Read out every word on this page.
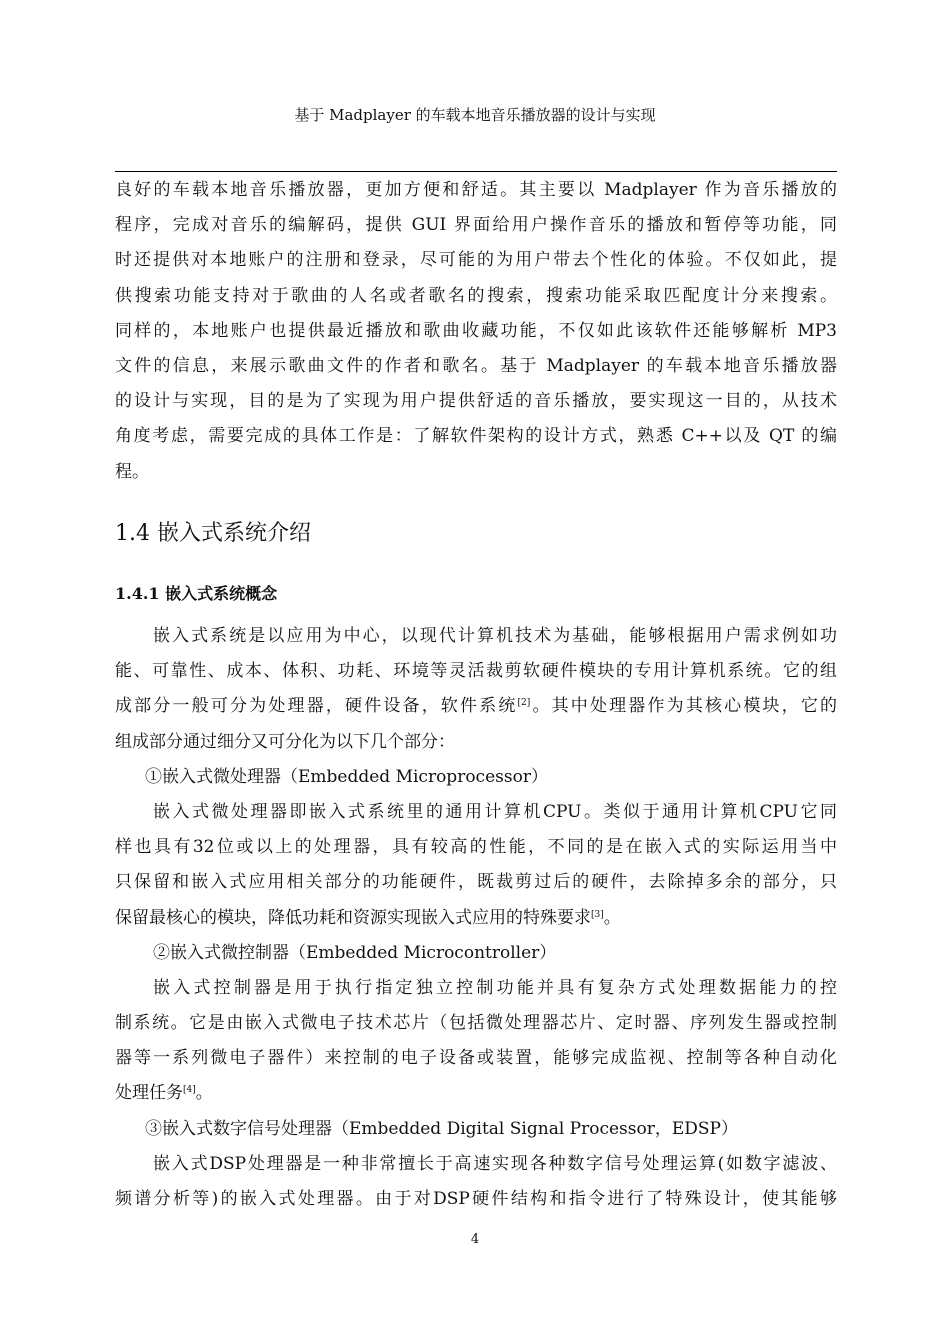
基于 Madplayer 的车载本地音乐播放器的设计与实现
良好的车载本地音乐播放器，更加方便和舒适。其主要以 Madplayer 作为音乐播放的
程序，完成对音乐的编解码，提供 GUI 界面给用户操作音乐的播放和暂停等功能，同
时还提供对本地账户的注册和登录，尽可能的为用户带去个性化的体验。不仅如此，提
供搜索功能支持对于歌曲的人名或者歌名的搜索，搜索功能采取匹配度计分来搜索。
同样的，本地账户也提供最近播放和歌曲收藏功能，不仅如此该软件还能够解析 MP3
文件的信息，来展示歌曲文件的作者和歌名。基于 Madplayer 的车载本地音乐播放器
的设计与实现，目的是为了实现为用户提供舒适的音乐播放，要实现这一目的，从技术
角度考虑，需要完成的具体工作是：了解软件架构的设计方式，熟悉 C++以及 QT 的编
程。
1.4 嵌入式系统介绍
1.4.1 嵌入式系统概念
嵌入式系统是以应用为中心，以现代计算机技术为基础，能够根据用户需求例如功
能、可靠性、成本、体积、功耗、环境等灵活裁剪软硬件模块的专用计算机系统。它的组
成部分一般可分为处理器，硬件设备，软件系统[2]。其中处理器作为其核心模块，它的
组成部分通过细分又可分化为以下几个部分：
①嵌入式微处理器（Embedded Microprocessor）
嵌入式微处理器即嵌入式系统里的通用计算机CPU。类似于通用计算机CPU它同
样也具有32位或以上的处理器，具有较高的性能，不同的是在嵌入式的实际运用当中
只保留和嵌入式应用相关部分的功能硬件，既裁剪过后的硬件，去除掉多余的部分，只
保留最核心的模块，降低功耗和资源实现嵌入式应用的特殊要求[3]。
②嵌入式微控制器（Embedded Microcontroller）
嵌入式控制器是用于执行指定独立控制功能并具有复杂方式处理数据能力的控
制系统。它是由嵌入式微电子技术芯片（包括微处理器芯片、定时器、序列发生器或控制
器等一系列微电子器件）来控制的电子设备或装置，能够完成监视、控制等各种自动化
处理任务[4]。
③嵌入式数字信号处理器（Embedded Digital Signal Processor，EDSP）
嵌入式DSP处理器是一种非常擅长于高速实现各种数字信号处理运算(如数字滤波、
频谱分析等)的嵌入式处理器。由于对DSP硬件结构和指令进行了特殊设计，使其能够
4
